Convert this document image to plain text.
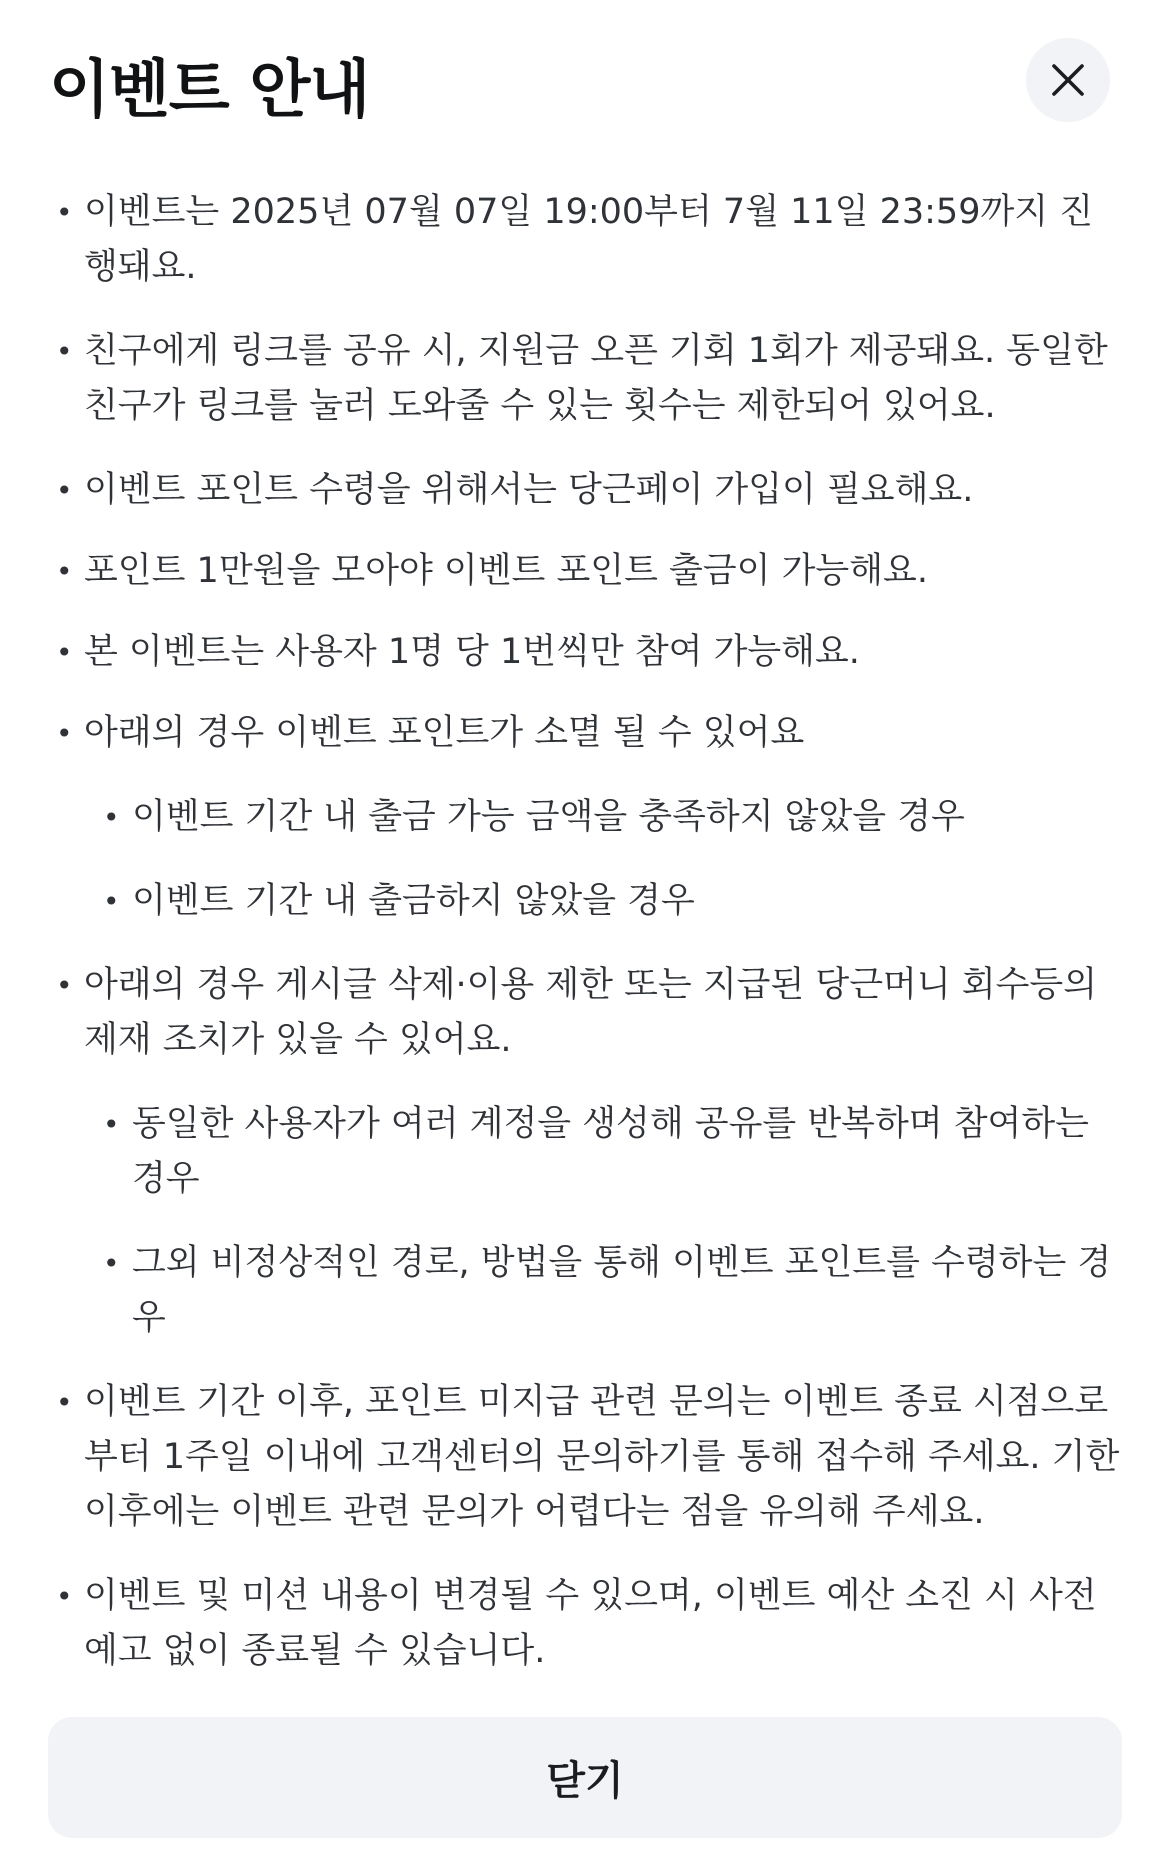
이벤트 안내
• 이벤트는 2025년 07월 07일 19:00부터 7월 11일 23:59까지 진행돼요.
• 친구에게 링크를 공유 시, 지원금 오픈 기회 1회가 제공돼요. 동일한 친구가 링크를 눌러 도와줄 수 있는 횟수는 제한되어 있어요.
• 이벤트 포인트 수령을 위해서는 당근페이 가입이 필요해요.
• 포인트 1만원을 모아야 이벤트 포인트 출금이 가능해요.
• 본 이벤트는 사용자 1명 당 1번씩만 참여 가능해요.
• 아래의 경우 이벤트 포인트가 소멸 될 수 있어요
• 이벤트 기간 내 출금 가능 금액을 충족하지 않았을 경우
• 이벤트 기간 내 출금하지 않았을 경우
• 아래의 경우 게시글 삭제·이용 제한 또는 지급된 당근머니 회수등의 제재 조치가 있을 수 있어요.
• 동일한 사용자가 여러 계정을 생성해 공유를 반복하며 참여하는 경우
• 그외 비정상적인 경로, 방법을 통해 이벤트 포인트를 수령하는 경우
• 이벤트 기간 이후, 포인트 미지급 관련 문의는 이벤트 종료 시점으로부터 1주일 이내에 고객센터의 문의하기를 통해 접수해 주세요. 기한 이후에는 이벤트 관련 문의가 어렵다는 점을 유의해 주세요.
• 이벤트 및 미션 내용이 변경될 수 있으며, 이벤트 예산 소진 시 사전 예고 없이 종료될 수 있습니다.
닫기
